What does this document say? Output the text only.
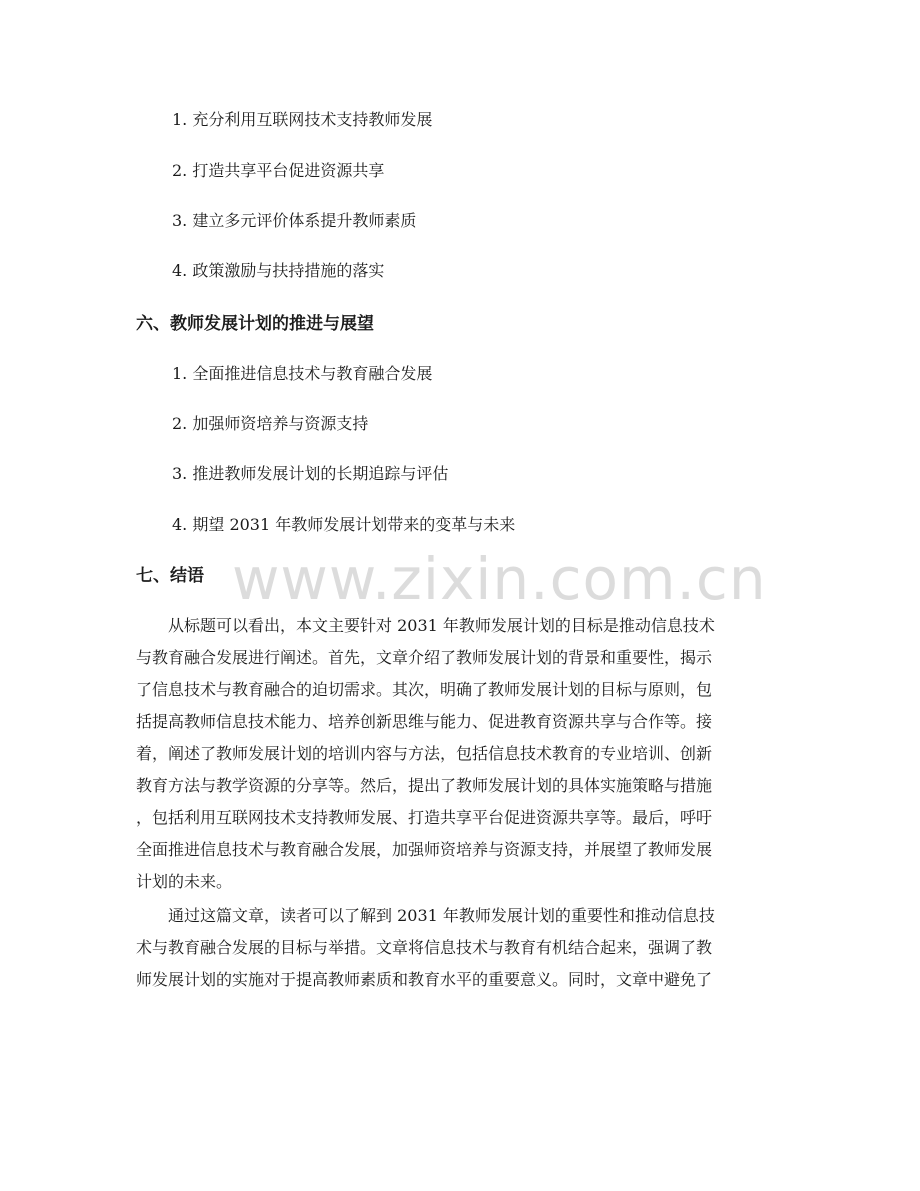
1. 充分利用互联网技术支持教师发展
2. 打造共享平台促进资源共享
3. 建立多元评价体系提升教师素质
4. 政策激励与扶持措施的落实
六、教师发展计划的推进与展望
1. 全面推进信息技术与教育融合发展
2. 加强师资培养与资源支持
3. 推进教师发展计划的长期追踪与评估
4. 期望 2031 年教师发展计划带来的变革与未来
七、结语 www.zixin.com.cn
从标题可以看出，本文主要针对 2031 年教师发展计划的目标是推动信息技术
与教育融合发展进行阐述。首先，文章介绍了教师发展计划的背景和重要性，揭示
了信息技术与教育融合的迫切需求。其次，明确了教师发展计划的目标与原则，包
括提高教师信息技术能力、培养创新思维与能力、促进教育资源共享与合作等。接
着，阐述了教师发展计划的培训内容与方法，包括信息技术教育的专业培训、创新
教育方法与教学资源的分享等。然后，提出了教师发展计划的具体实施策略与措施
，包括利用互联网技术支持教师发展、打造共享平台促进资源共享等。最后，呼吁
全面推进信息技术与教育融合发展，加强师资培养与资源支持，并展望了教师发展
计划的未来。
通过这篇文章，读者可以了解到 2031 年教师发展计划的重要性和推动信息技
术与教育融合发展的目标与举措。文章将信息技术与教育有机结合起来，强调了教
师发展计划的实施对于提高教师素质和教育水平的重要意义。同时，文章中避免了
